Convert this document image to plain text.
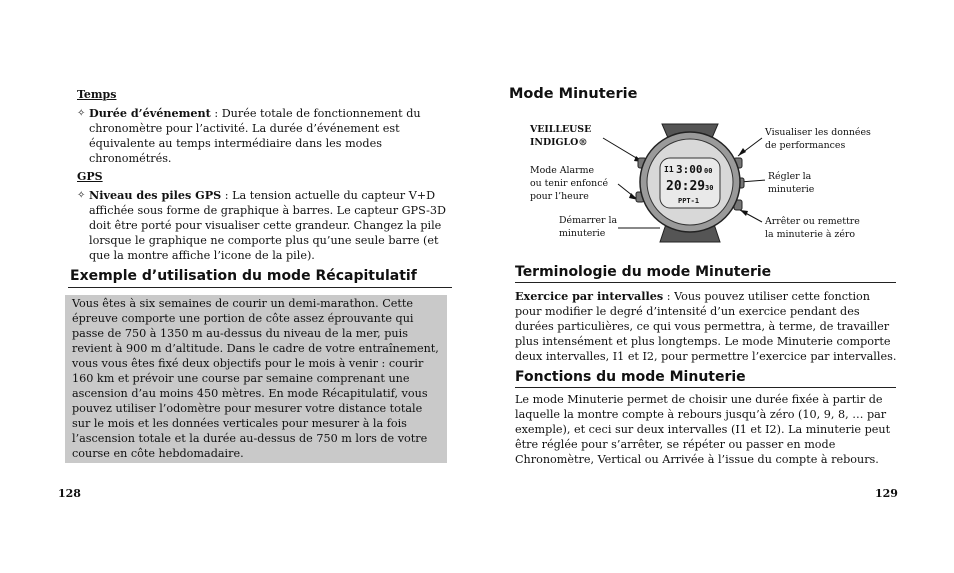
Temps
✧ Durée d’événement : Durée totale de fonctionnement du chronomètre pour l’activité. La durée d’événement est équivalente au temps intermédiaire dans les modes chronométrés.
GPS
✧ Niveau des piles GPS : La tension actuelle du capteur V+D affichée sous forme de graphique à barres. Le capteur GPS-3D doit être porté pour visualiser cette grandeur. Changez la pile lorsque le graphique ne comporte plus qu’une seule barre (et que la montre affiche l’icone de la pile).
Exemple d’utilisation du mode Récapitulatif
Vous êtes à six semaines de courir un demi-marathon. Cette épreuve comporte une portion de côte assez éprouvante qui passe de 750 à 1350 m au-dessus du niveau de la mer, puis revient à 900 m d’altitude. Dans le cadre de votre entraînement, vous vous êtes fixé deux objectifs pour le mois à venir : courir 160 km et prévoir une course par semaine comprenant une ascension d’au moins 450 mètres. En mode Récapitulatif, vous pouvez utiliser l’odomètre pour mesurer votre distance totale sur le mois et les données verticales pour mesurer à la fois l’ascension totale et la durée au-dessus de 750 m lors de votre course en côte hebdomadaire.
128
Mode Minuterie
VEILLEUSE
INDIGLO®
Mode Alarme
ou tenir enfoncé
pour l’heure
Démarrer la
minuterie
Visualiser les données
de performances
Régler la
minuterie
Arrêter ou remettre
la minuterie à zéro
I1 3:00 00
20:29 30
PPT-1
Terminologie du mode Minuterie
Exercice par intervalles : Vous pouvez utiliser cette fonction pour modifier le degré d’intensité d’un exercice pendant des durées particulières, ce qui vous permettra, à terme, de travailler plus intensément et plus longtemps. Le mode Minuterie comporte deux intervalles, I1 et I2, pour permettre l’exercice par intervalles.
Fonctions du mode Minuterie
Le mode Minuterie permet de choisir une durée fixée à partir de laquelle la montre compte à rebours jusqu’à zéro (10, 9, 8, … par exemple), et ceci sur deux intervalles (I1 et I2). La minuterie peut être réglée pour s’arrêter, se répéter ou passer en mode Chronomètre, Vertical ou Arrivée à l’issue du compte à rebours.
129
